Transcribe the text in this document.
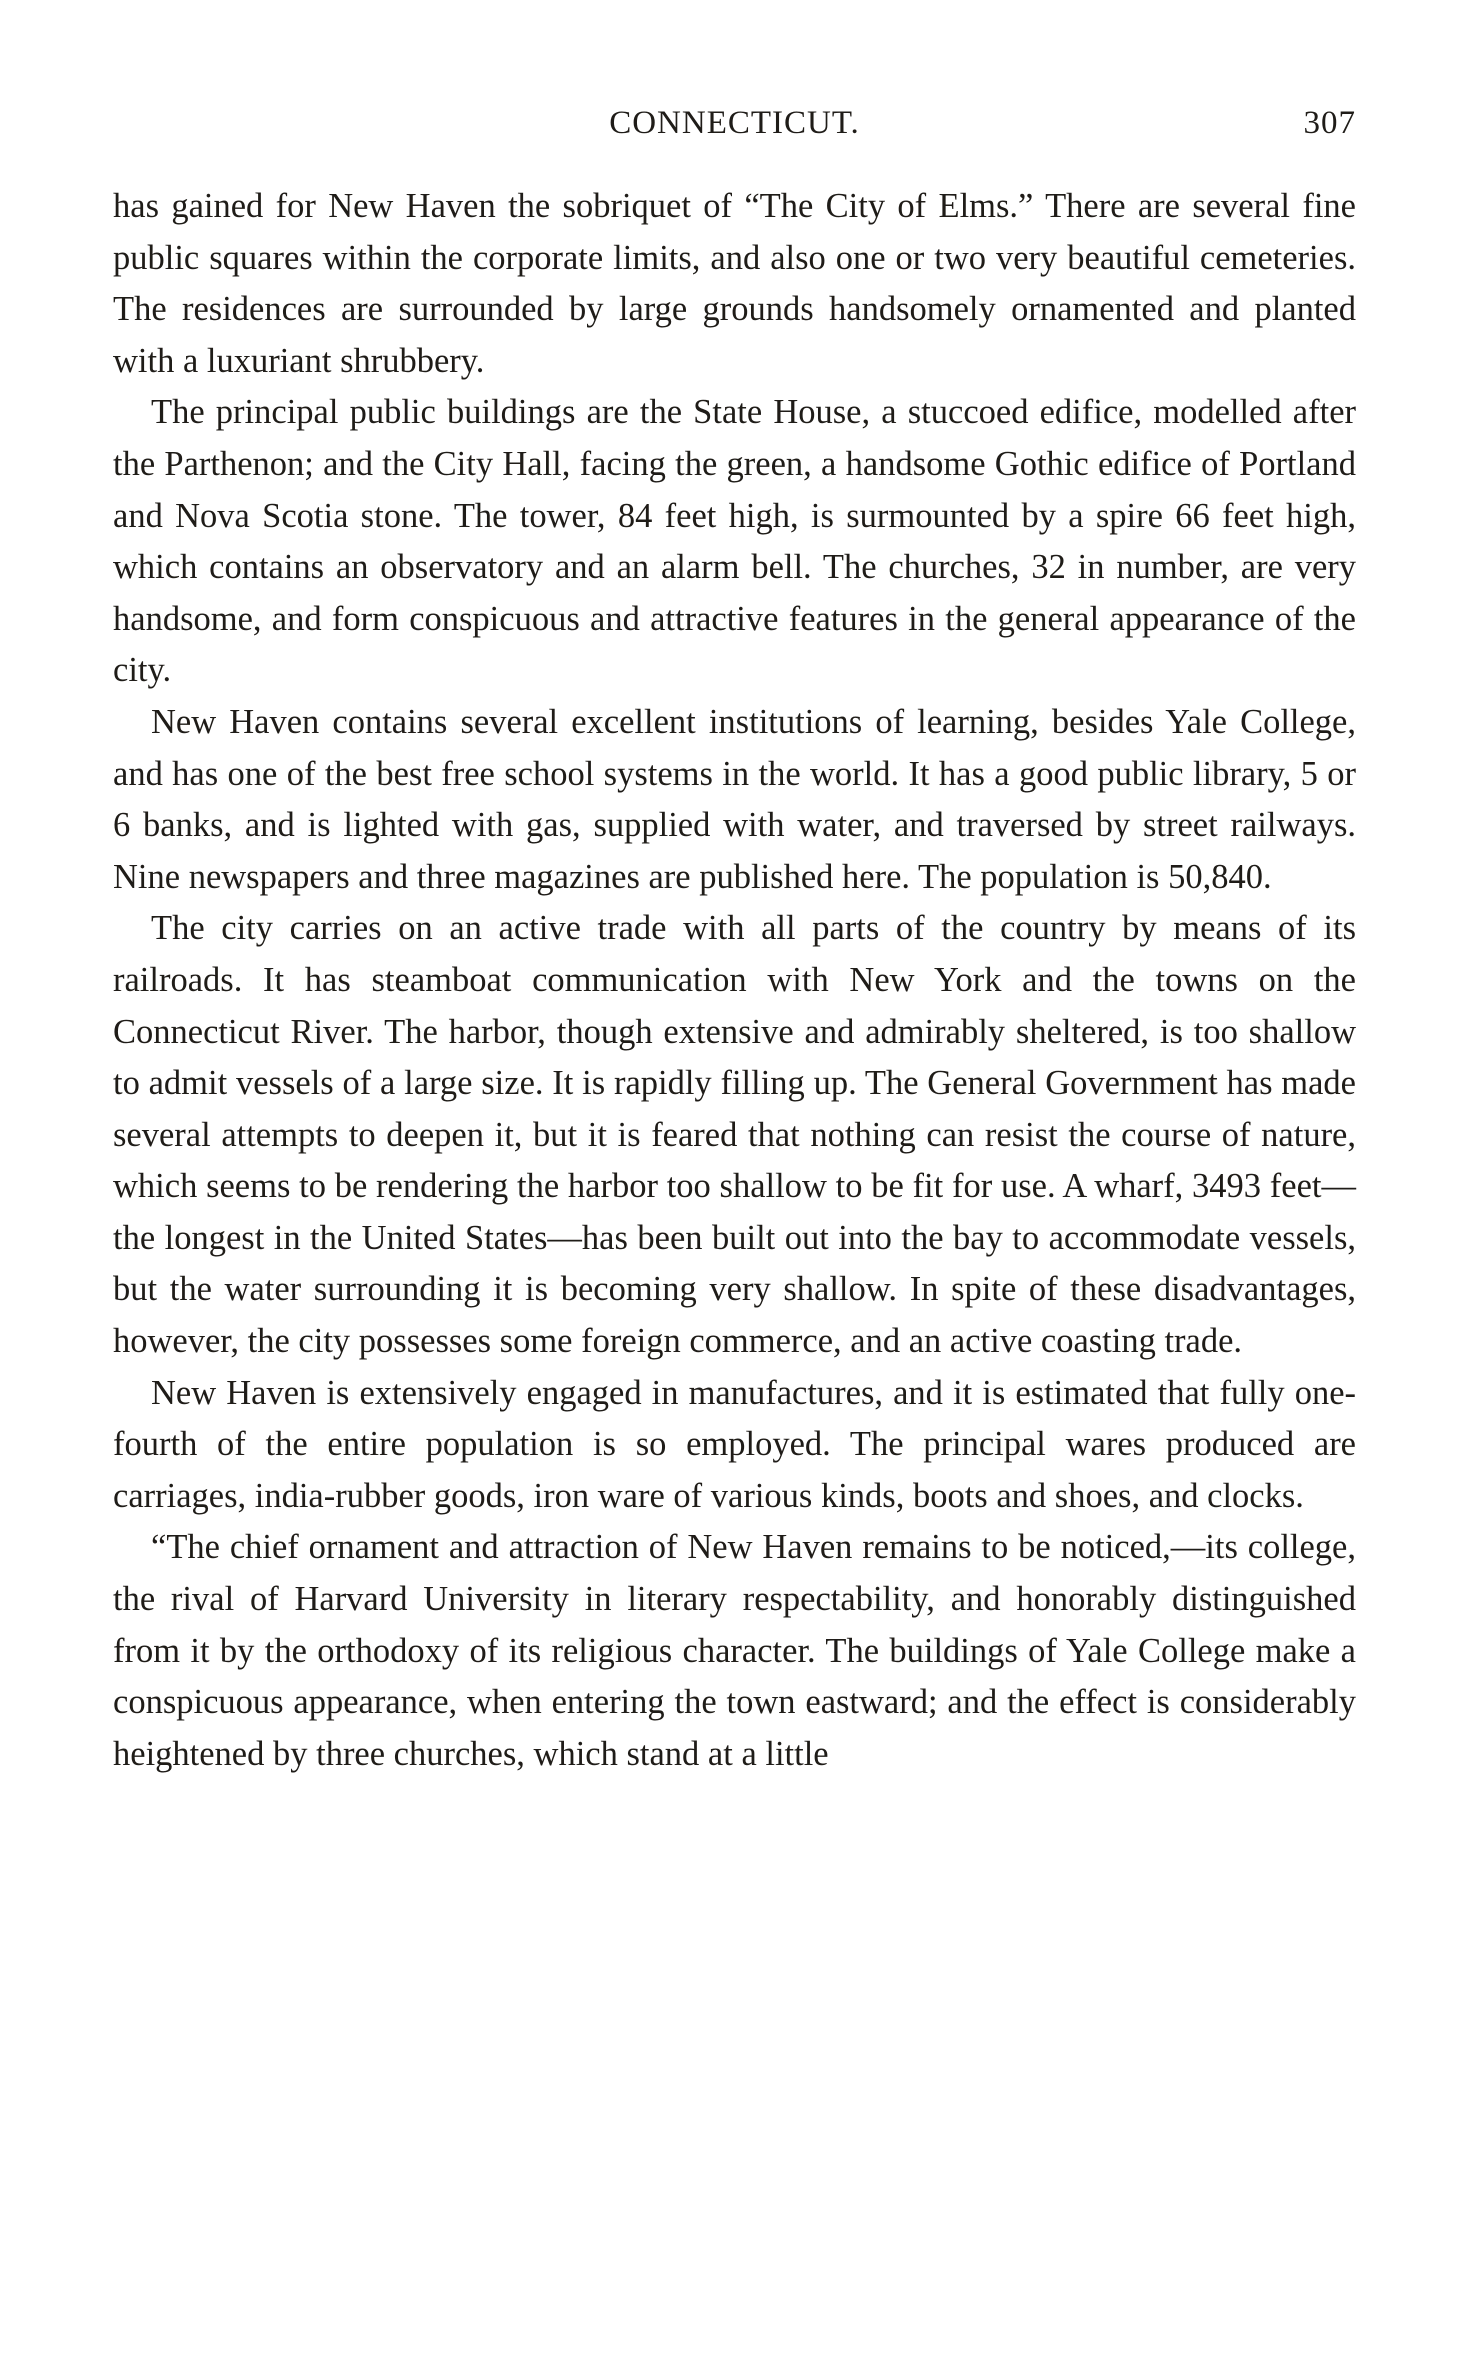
CONNECTICUT.	307

has gained for New Haven the sobriquet of “The City of Elms.” There are several fine public squares within the corporate limits, and also one or two very beautiful cemeteries. The residences are surrounded by large grounds handsomely ornamented and planted with a luxuriant shrubbery.

The principal public buildings are the State House, a stuccoed edifice, modelled after the Parthenon; and the City Hall, facing the green, a handsome Gothic edifice of Portland and Nova Scotia stone. The tower, 84 feet high, is surmounted by a spire 66 feet high, which contains an observatory and an alarm bell. The churches, 32 in number, are very handsome, and form conspicuous and attractive features in the general appearance of the city.

New Haven contains several excellent institutions of learning, besides Yale College, and has one of the best free school systems in the world. It has a good public library, 5 or 6 banks, and is lighted with gas, supplied with water, and traversed by street railways. Nine newspapers and three magazines are published here. The population is 50,840.

The city carries on an active trade with all parts of the country by means of its railroads. It has steamboat communication with New York and the towns on the Connecticut River. The harbor, though extensive and admirably sheltered, is too shallow to admit vessels of a large size. It is rapidly filling up. The General Government has made several attempts to deepen it, but it is feared that nothing can resist the course of nature, which seems to be rendering the harbor too shallow to be fit for use. A wharf, 3493 feet—the longest in the United States—has been built out into the bay to accommodate vessels, but the water surrounding it is becoming very shallow. In spite of these disadvantages, however, the city possesses some foreign commerce, and an active coasting trade.

New Haven is extensively engaged in manufactures, and it is estimated that fully one-fourth of the entire population is so employed. The principal wares produced are carriages, india-rubber goods, iron ware of various kinds, boots and shoes, and clocks.

“The chief ornament and attraction of New Haven remains to be noticed,—its college, the rival of Harvard University in literary respectability, and honorably distinguished from it by the orthodoxy of its religious character. The buildings of Yale College make a conspicuous appearance, when entering the town eastward; and the effect is considerably heightened by three churches, which stand at a little
